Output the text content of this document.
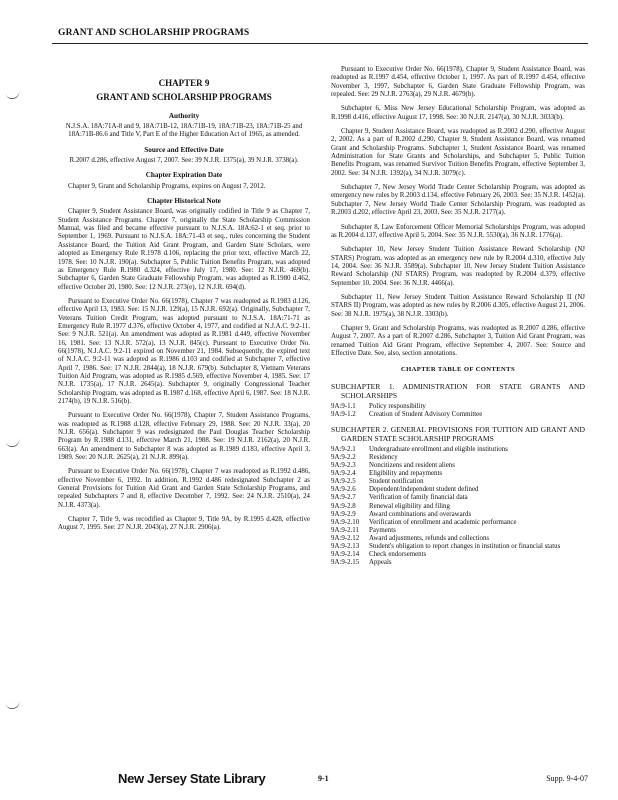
GRANT AND SCHOLARSHIP PROGRAMS
CHAPTER 9
GRANT AND SCHOLARSHIP PROGRAMS
Authority
N.J.S.A. 18A:71A-8 and 9, 18A:71B-12, 18A:71B-19, 18A:71B-23, 18A:71B-25 and 18A:71B-86.6 and Title V, Part E of the Higher Education Act of 1965, as amended.
Source and Effective Date
R.2007 d.286, effective August 7, 2007. See: 39 N.J.R. 1375(a), 39 N.J.R. 3738(a).
Chapter Expiration Date

Chapter 9, Grant and Scholarship Programs, expires on August 7, 2012.

Chapter Historical Note

Chapter 9, Student Assistance Board, was originally codified in Title 9 as Chapter 7, Student Assistance Programs. Chapter 7, originally the State Scholarship Commission Manual, was filed and became effective pursuant to N.J.S.A. 18A:62-1 et seq. prior to September 1, 1969. Pursuant to N.J.S.A. 18A:71-43 et seq., rules concerning the Student Assistance Board, the Tuition Aid Grant Program, and Garden State Scholars, were adopted as Emergency Rule R.1978 d.106, replacing the prior text, effective March 22, 1978. See: 10 N.J.R. 190(a). Subchapter 5, Public Tuition Benefits Program, was adopted as Emergency Rule R.1980 d.324, effective July 17, 1980. See: 12 N.J.R. 469(b). Subchapter 6, Garden State Graduate Fellowship Program, was adopted as R.1980 d.462, effective October 20, 1980. See: 12 N.J.R. 273(e), 12 N.J.R. 694(d).

Pursuant to Executive Order No. 66(1978), Chapter 7 was readopted as R.1983 d.126, effective April 13, 1983. See: 15 N.J.R. 129(a), 15 N.J.R. 692(a). Originally, Subchapter 7, Veterans Tuition Credit Program, was adopted pursuant to N.J.S.A. 18A:71-71 as Emergency Rule R.1977 d.376, effective October 4, 1977, and codified at N.J.A.C. 9:2-11. See: 9 N.J.R. 521(a). An amendment was adopted as R.1981 d.449, effective November 16, 1981. See: 13 N.J.R. 572(a), 13 N.J.R. 845(c). Pursuant to Executive Order No. 66(1978), N.J.A.C. 9:2-11 expired on November 21, 1984. Subsequently, the expired text of N.J.A.C. 9:2-11 was adopted as R.1986 d.103 and codified at Subchapter 7, effective April 7, 1986. See: 17 N.J.R. 2844(a), 18 N.J.R. 679(b). Subchapter 8, Vietnam Veterans Tuition Aid Program, was adopted as R.1985 d.569, effective November 4, 1985. See: 17 N.J.R. 1735(a), 17 N.J.R. 2645(a). Subchapter 9, originally Congressional Teacher Scholarship Program, was adopted as R.1987 d.168, effective April 6, 1987. See: 18 N.J.R. 2174(b), 19 N.J.R. 516(b).

Pursuant to Executive Order No. 66(1978), Chapter 7, Student Assistance Programs, was readopted as R.1988 d.128, effective February 29, 1988. See: 20 N.J.R. 33(a), 20 N.J.R. 656(a). Subchapter 9 was redesignated the Paul Douglas Teacher Scholarship Program by R.1988 d.131, effective March 21, 1988. See: 19 N.J.R. 2162(a), 20 N.J.R. 663(a). An amendment to Subchapter 8 was adopted as R.1989 d.183, effective April 3, 1989. See: 20 N.J.R. 2625(a), 21 N.J.R. 899(a).

Pursuant to Executive Order No. 66(1978), Chapter 7 was readopted as R.1992 d.486, effective November 6, 1992. In addition, R.1992 d.486 redesignated Subchapter 2 as General Provisions for Tuition Aid Grant and Garden State Scholarship Programs, and repealed Subchapters 7 and 8, effective December 7, 1992. See: 24 N.J.R. 2510(a), 24 N.J.R. 4373(a).

Chapter 7, Title 9, was recodified as Chapter 9, Title 9A, by R.1995 d.428, effective August 7, 1995. See: 27 N.J.R. 2043(a), 27 N.J.R. 2906(a).

Pursuant to Executive Order No. 66(1978), Chapter 9, Student Assistance Board, was readopted as R.1997 d.454, effective October 1, 1997. As part of R.1997 d.454, effective November 3, 1997, Subchapter 6, Garden State Graduate Fellowship Program, was repealed. See: 29 N.J.R. 2763(a), 29 N.J.R. 4679(b).

Subchapter 6, Miss New Jersey Educational Scholarship Program, was adopted as R.1998 d.416, effective August 17, 1998. See: 30 N.J.R. 2147(a), 30 N.J.R. 3033(b).

Chapter 9, Student Assistance Board, was readopted as R.2002 d.290, effective August 2, 2002. As a part of R.2002 d.290, Chapter 9, Student Assistance Board, was renamed Grant and Scholarship Programs. Subchapter 1, Student Assistance Board, was renamed Administration for State Grants and Scholarships, and Subchapter 5, Public Tuition Benefits Program, was renamed Survivor Tuition Benefits Program, effective September 3, 2002. See: 34 N.J.R. 1392(a), 34 N.J.R. 3079(c).

Subchapter 7, New Jersey World Trade Center Scholarship Program, was adopted as emergency new rules by R.2003 d.134, effective February 26, 2003. See: 35 N.J.R. 1452(a). Subchapter 7, New Jersey World Trade Center Scholarship Program, was readopted as R.2003 d.202, effective April 23, 2003. See: 35 N.J.R. 2177(a).

Subchapter 8, Law Enforcement Officer Memorial Scholarships Program, was adopted as R.2004 d.137, effective April 5, 2004. See: 35 N.J.R. 5530(a), 36 N.J.R. 1776(a).

Subchapter 10, New Jersey Student Tuition Assistance Reward Scholarship (NJ STARS) Program, was adopted as an emergency new rule by R.2004 d.310, effective July 14, 2004. See: 36 N.J.R. 3589(a). Subchapter 10, New Jersey Student Tuition Assistance Reward Scholarship (NJ STARS) Program, was readopted by R.2004 d.379, effective September 10, 2004. See: 36 N.J.R. 4466(a).

Subchapter 11, New Jersey Student Tuition Assistance Reward Scholarship II (NJ STARS II) Program, was adopted as new rules by R.2006 d.305, effective August 21, 2006. See: 38 N.J.R. 1975(a), 38 N.J.R. 3303(b).

Chapter 9, Grant and Scholarship Programs, was readopted as R.2007 d.286, effective August 7, 2007. As a part of R.2007 d.286, Subchapter 3, Tuition Aid Grant Program, was renamed Tuition Aid Grant Program, effective September 4, 2007. See: Source and Effective Date. See, also, section annotations.

CHAPTER TABLE OF CONTENTS
SUBCHAPTER 1. ADMINISTRATION FOR STATE GRANTS AND SCHOLARSHIPS
9A:9-1.1	Policy responsibility
9A:9-1.2	Creation of Student Advisory Committee
SUBCHAPTER 2. GENERAL PROVISIONS FOR TUITION AID GRANT AND GARDEN STATE SCHOLARSHIP PROGRAMS
9A:9-2.1	Undergraduate enrollment and eligible institutions
9A:9-2.2	Residency
9A:9-2.3	Noncitizens and resident aliens
9A:9-2.4	Eligibility and repayments
9A:9-2.5	Student notification
9A:9-2.6	Dependent/independent student defined
9A:9-2.7	Verification of family financial data
9A:9-2.8	Renewal eligibility and filing
9A:9-2.9	Award combinations and overawards
9A:9-2.10	Verification of enrollment and academic performance
9A:9-2.11	Payments
9A:9-2.12	Award adjustments, refunds and collections
9A:9-2.13	Student's obligation to report changes in institution or financial status
9A:9-2.14	Check endorsements
9A:9-2.15	Appeals
New Jersey State Library	9-1	Supp. 9-4-07
